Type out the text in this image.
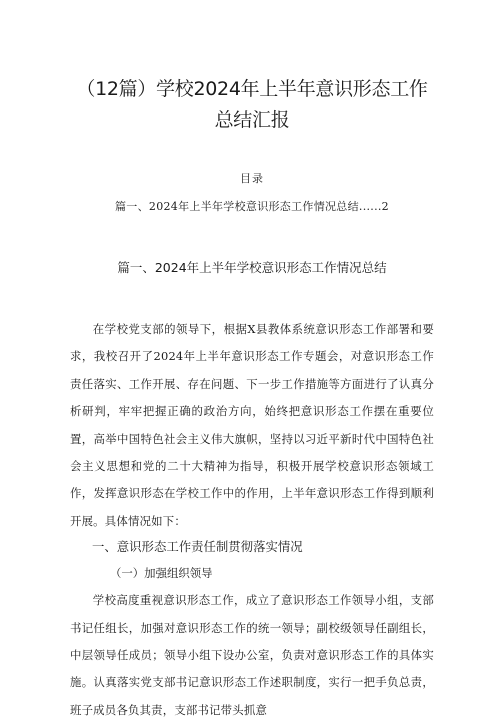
（12篇）学校2024年上半年意识形态工作
总结汇报
目录
篇一、2024年上半年学校意识形态工作情况总结......2
篇一、2024年上半年学校意识形态工作情况总结

在学校党支部的领导下，根据X县教体系统意识形态工作部署和要求，我校召开了2024年上半年意识形态工作专题会，对意识形态工作责任落实、工作开展、存在问题、下一步工作措施等方面进行了认真分析研判，牢牢把握正确的政治方向，始终把意识形态工作摆在重要位置，高举中国特色社会主义伟大旗帜，坚持以习近平新时代中国特色社会主义思想和党的二十大精神为指导，积极开展学校意识形态领域工作，发挥意识形态在学校工作中的作用，上半年意识形态工作得到顺利开展。具体情况如下：

一、意识形态工作责任制贯彻落实情况

（一）加强组织领导

学校高度重视意识形态工作，成立了意识形态工作领导小组，支部书记任组长，加强对意识形态工作的统一领导；副校级领导任副组长，中层领导任成员；领导小组下设办公室，负责对意识形态工作的具体实施。认真落实党支部书记意识形态工作述职制度，实行一把手负总责，班子成员各负其责，支部书记带头抓意
